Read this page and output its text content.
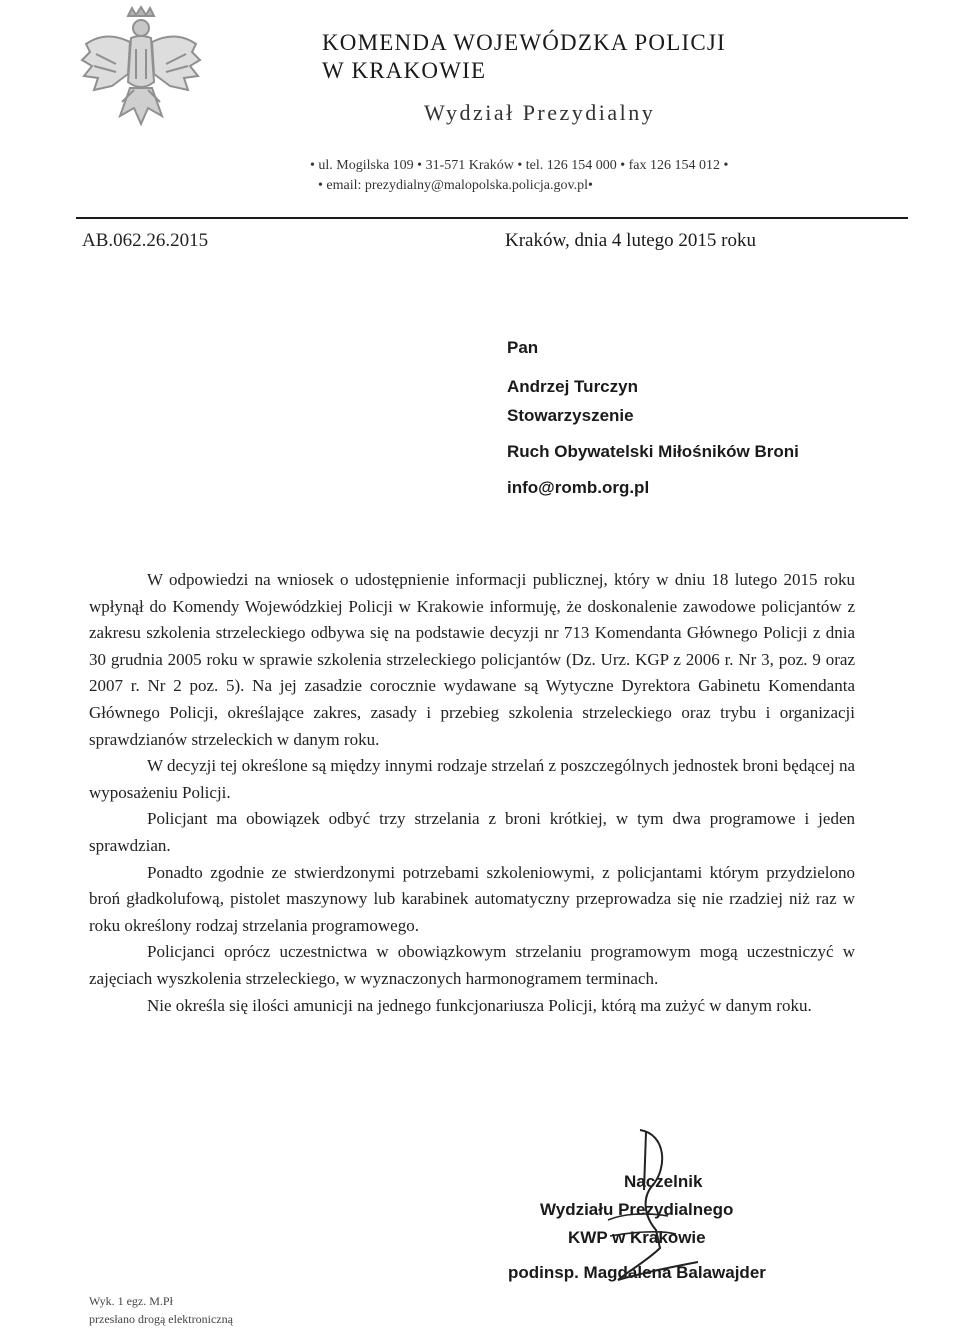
KOMENDA WOJEWÓDZKA POLICJI
W KRAKOWIE
Wydział Prezydialny
• ul. Mogilska 109 • 31-571 Kraków • tel. 126 154 000 • fax 126 154 012 •
• email: prezydialny@malopolska.policja.gov.pl•
AB.062.26.2015	Kraków, dnia 4 lutego 2015 roku
Pan
Andrzej Turczyn
Stowarzyszenie
Ruch Obywatelski Miłośników Broni
info@romb.org.pl

W odpowiedzi na wniosek o udostępnienie informacji publicznej, który w dniu 18 lutego 2015 roku wpłynął do Komendy Wojewódzkiej Policji w Krakowie informuję, że doskonalenie zawodowe policjantów z zakresu szkolenia strzeleckiego odbywa się na podstawie decyzji nr 713 Komendanta Głównego Policji z dnia 30 grudnia 2005 roku w sprawie szkolenia strzeleckiego policjantów (Dz. Urz. KGP z 2006 r. Nr 3, poz. 9 oraz 2007 r. Nr 2 poz. 5). Na jej zasadzie corocznie wydawane są Wytyczne Dyrektora Gabinetu Komendanta Głównego Policji, określające zakres, zasady i przebieg szkolenia strzeleckiego oraz trybu i organizacji sprawdzianów strzeleckich w danym roku.

W decyzji tej określone są między innymi rodzaje strzelań z poszczególnych jednostek broni będącej na wyposażeniu Policji.

Policjant ma obowiązek odbyć trzy strzelania z broni krótkiej, w tym dwa programowe i jeden sprawdzian.

Ponadto zgodnie ze stwierdzonymi potrzebami szkoleniowymi, z policjantami którym przydzielono broń gładkolufową, pistolet maszynowy lub karabinek automatyczny przeprowadza się nie rzadziej niż raz w roku określony rodzaj strzelania programowego.

Policjanci oprócz uczestnictwa w obowiązkowym strzelaniu programowym mogą uczestniczyć w zajęciach wyszkolenia strzeleckiego, w wyznaczonych harmonogramem terminach.

Nie określa się ilości amunicji na jednego funkcjonariusza Policji, którą ma zużyć w danym roku.

Naczelnik
Wydziału Prezydialnego
KWP w Krakowie
podinsp. Magdalena Balawajder
Wyk. 1 egz. M.Pł
przesłano drogą elektroniczną
